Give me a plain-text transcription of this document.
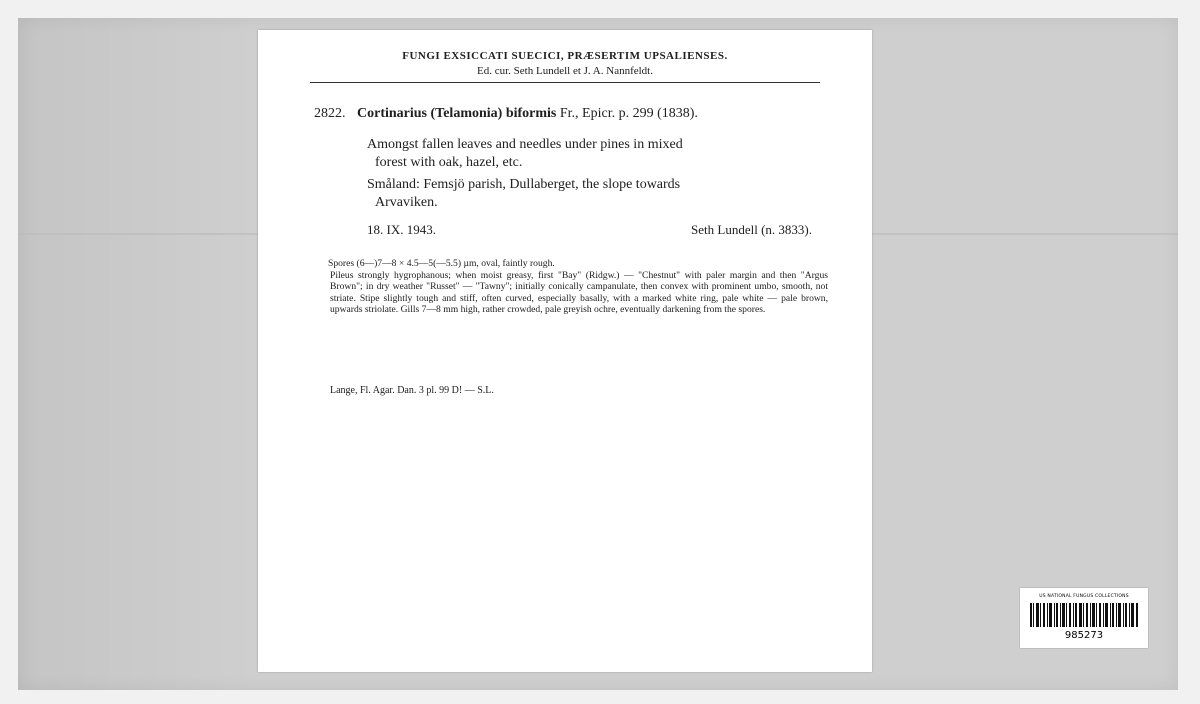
FUNGI EXSICCATI SUECICI, PRÆSERTIM UPSALIENSES.
Ed. cur. Seth Lundell et J. A. Nannfeldt.
2822. Cortinarius (Telamonia) biformis Fr., Epicr. p. 299 (1838).
Amongst fallen leaves and needles under pines in mixed
forest with oak, hazel, etc.
Småland: Femsjö parish, Dullaberget, the slope towards
Arvaviken.
18. IX. 1943.	Seth Lundell (n. 3833).

Spores (6—)7—8 × 4.5—5(—5.5) µm, oval, faintly rough.

Pileus strongly hygrophanous; when moist greasy, first "Bay" (Ridgw.) — "Chestnut" with paler margin and then "Argus Brown"; in dry weather "Russet" — "Tawny"; initially conically campanulate, then convex with prominent umbo, smooth, not striate. Stipe slightly tough and stiff, often curved, especially basally, with a marked white ring, pale white — pale brown, upwards striolate. Gills 7—8 mm high, rather crowded, pale greyish ochre, eventually darkening from the spores.

Lange, Fl. Agar. Dan. 3 pl. 99 D! — S.L.
US NATIONAL FUNGUS COLLECTIONS
985273
